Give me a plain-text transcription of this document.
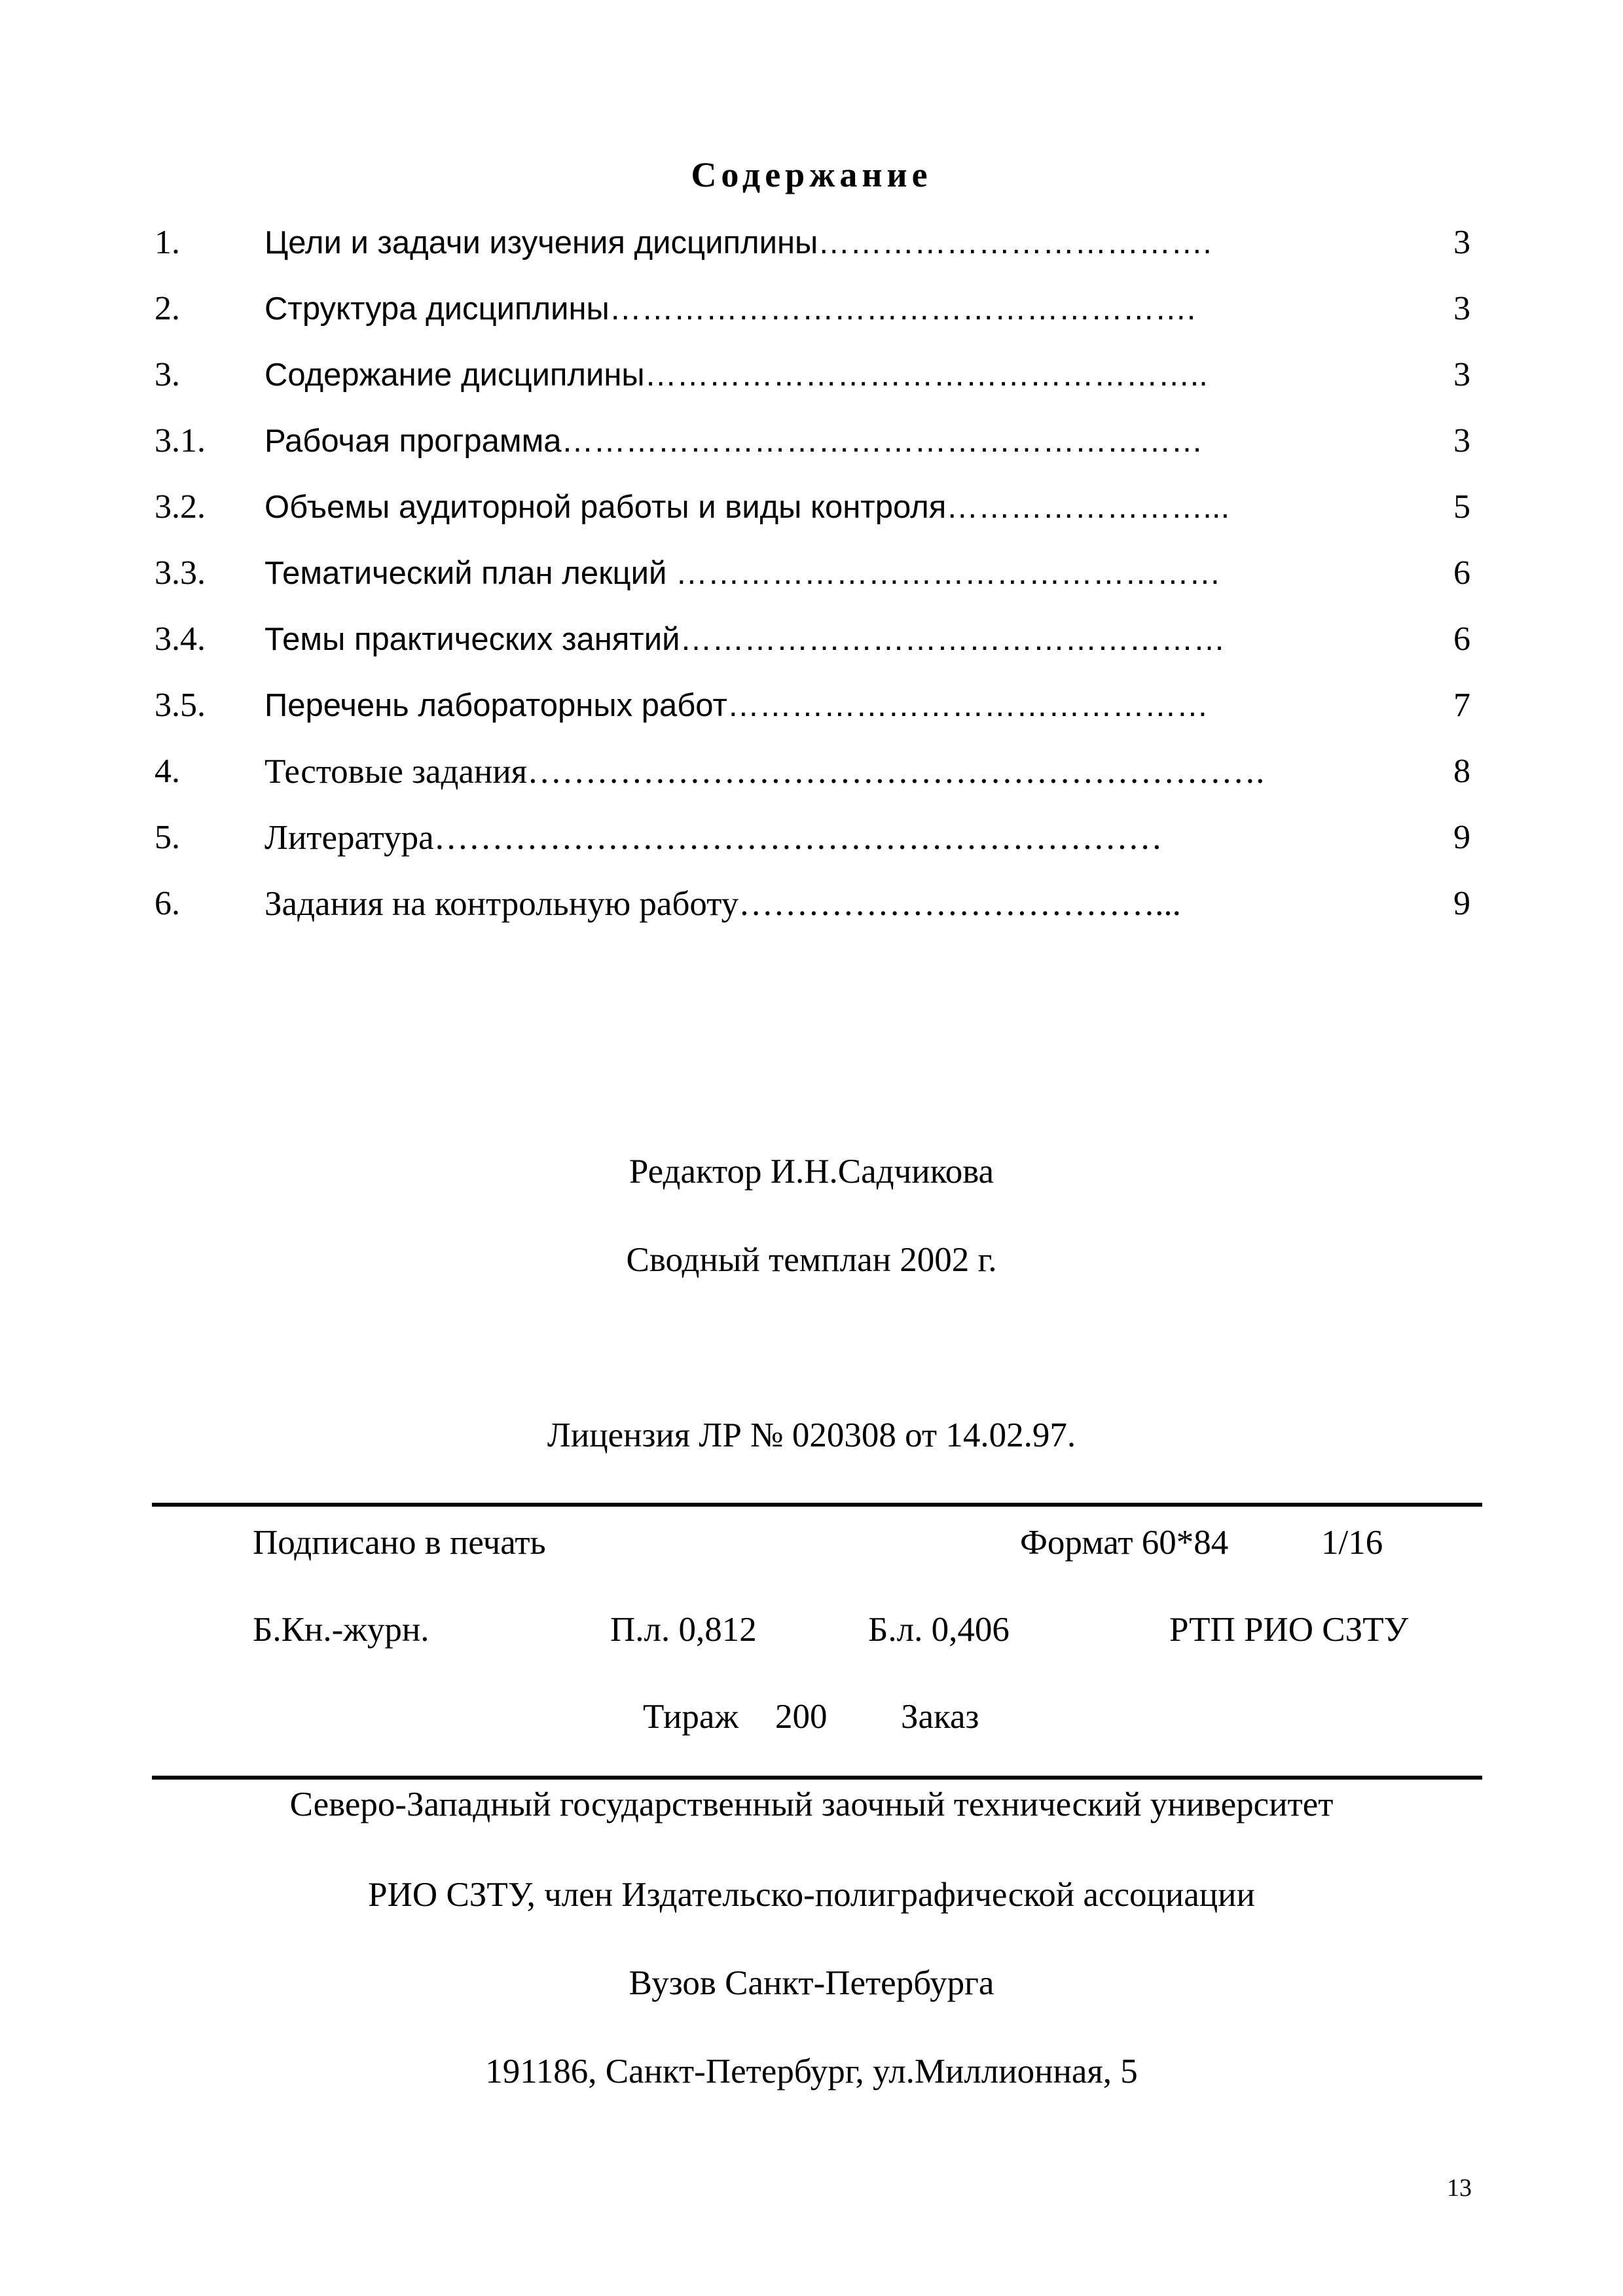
Содержание
1.	Цели и задачи изучения дисциплины……………………………….	3
2.	Структура дисциплины……………………………………………….	3
3.	Содержание дисциплины……………………………………………..	3
3.1. Рабочая программа……………………………………………………	3
3.2. Объемы аудиторной работы и виды контроля……………………...	5
3.3. Тематический план лекций ……………………………………………	6
3.4. Темы практических занятий……………………………………………	6
3.5. Перечень лабораторных работ………………………………………	7
4. Тестовые задания……………………………………………………….	8
5. Литература………………………………………………………	9
6. Задания на контрольную работу………………………………...	9
Редактор И.Н.Садчикова
Сводный темплан 2002 г.
Лицензия ЛР № 020308 от 14.02.97.
Подписано в печать	Формат 60*84	1/16
Б.Кн.-журн.	П.л. 0,812	Б.л. 0,406	РТП РИО СЗТУ
Тираж 200 Заказ
Северо-Западный государственный заочный технический университет
РИО СЗТУ, член Издательско-полиграфической ассоциации
Вузов Санкт-Петербурга
191186, Санкт-Петербург, ул.Миллионная, 5
13
